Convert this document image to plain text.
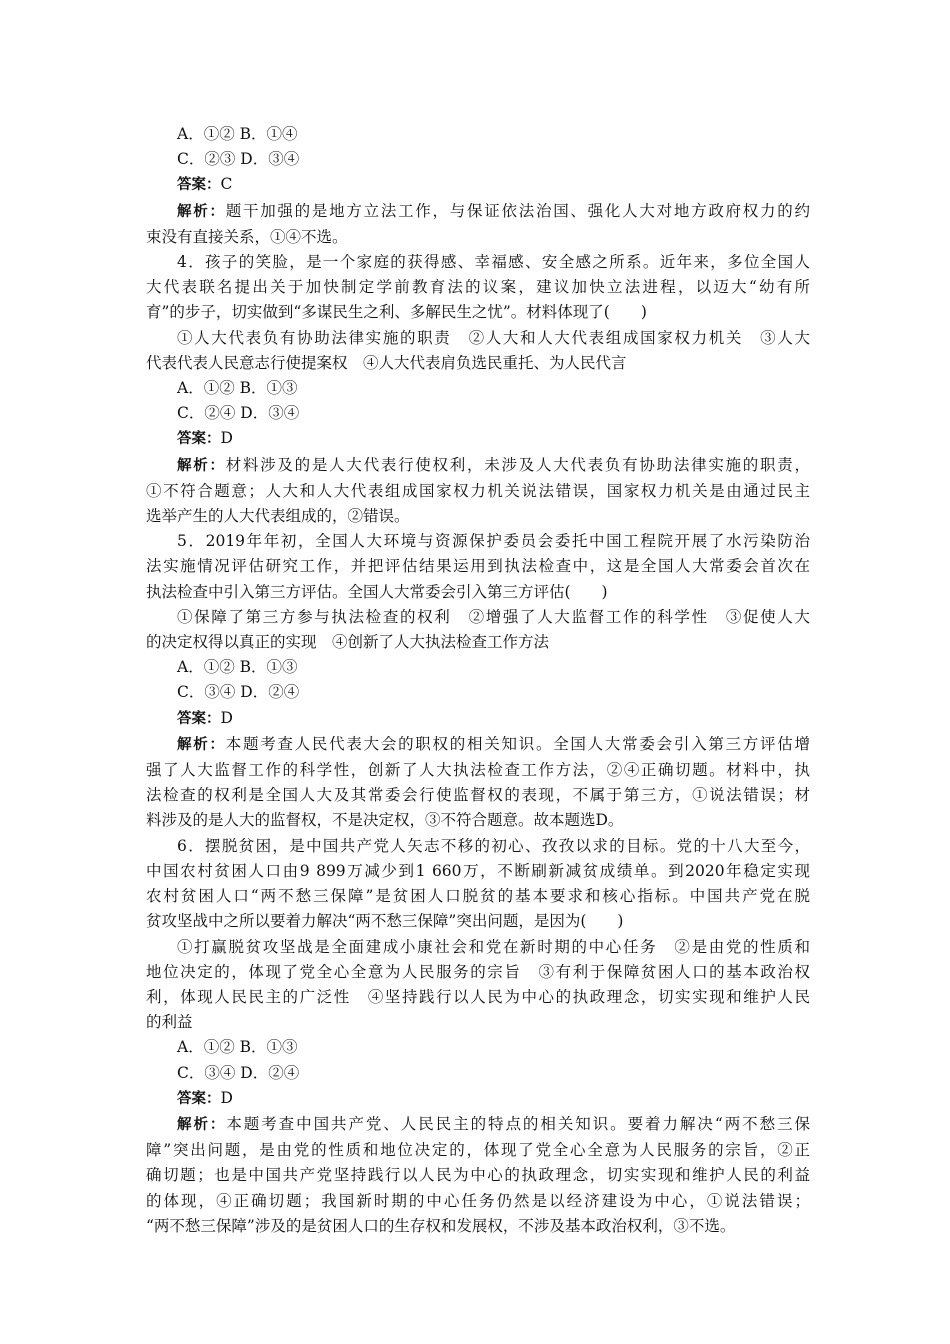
A．①② B．①④

C．②③ D．③④

答案：C

解析：题干加强的是地方立法工作，与保证依法治国、强化人大对地方政府权力的约

束没有直接关系，①④不选。

4．孩子的笑脸，是一个家庭的获得感、幸福感、安全感之所系。近年来，多位全国人

大代表联名提出关于加快制定学前教育法的议案，建议加快立法进程，以迈大“幼有所

育”的步子，切实做到“多谋民生之利、多解民生之忧”。材料体现了(　　)

①人大代表负有协助法律实施的职责　②人大和人大代表组成国家权力机关　③人大

代表代表人民意志行使提案权　④人大代表肩负选民重托、为人民代言

A．①② B．①③

C．②④ D．③④

答案：D

解析：材料涉及的是人大代表行使权利，未涉及人大代表负有协助法律实施的职责，

①不符合题意；人大和人大代表组成国家权力机关说法错误，国家权力机关是由通过民主

选举产生的人大代表组成的，②错误。

5．2019年年初，全国人大环境与资源保护委员会委托中国工程院开展了水污染防治

法实施情况评估研究工作，并把评估结果运用到执法检查中，这是全国人大常委会首次在

执法检查中引入第三方评估。全国人大常委会引入第三方评估(　　)

①保障了第三方参与执法检查的权利　②增强了人大监督工作的科学性　③促使人大

的决定权得以真正的实现　④创新了人大执法检查工作方法

A．①② B．①③

C．③④ D．②④

答案：D

解析：本题考查人民代表大会的职权的相关知识。全国人大常委会引入第三方评估增

强了人大监督工作的科学性，创新了人大执法检查工作方法，②④正确切题。材料中，执

法检查的权利是全国人大及其常委会行使监督权的表现，不属于第三方，①说法错误；材

料涉及的是人大的监督权，不是决定权，③不符合题意。故本题选D。

6．摆脱贫困，是中国共产党人矢志不移的初心、孜孜以求的目标。党的十八大至今，

中国农村贫困人口由9 899万减少到1 660万，不断刷新减贫成绩单。到2020年稳定实现

农村贫困人口“两不愁三保障”是贫困人口脱贫的基本要求和核心指标。中国共产党在脱

贫攻坚战中之所以要着力解决“两不愁三保障”突出问题，是因为(　　)

①打赢脱贫攻坚战是全面建成小康社会和党在新时期的中心任务　②是由党的性质和

地位决定的，体现了党全心全意为人民服务的宗旨　③有利于保障贫困人口的基本政治权

利，体现人民民主的广泛性　④坚持践行以人民为中心的执政理念，切实实现和维护人民

的利益

A．①② B．①③

C．③④ D．②④

答案：D

解析：本题考查中国共产党、人民民主的特点的相关知识。要着力解决“两不愁三保

障”突出问题，是由党的性质和地位决定的，体现了党全心全意为人民服务的宗旨，②正

确切题；也是中国共产党坚持践行以人民为中心的执政理念，切实实现和维护人民的利益

的体现，④正确切题；我国新时期的中心任务仍然是以经济建设为中心，①说法错误；

“两不愁三保障”涉及的是贫困人口的生存权和发展权，不涉及基本政治权利，③不选。
